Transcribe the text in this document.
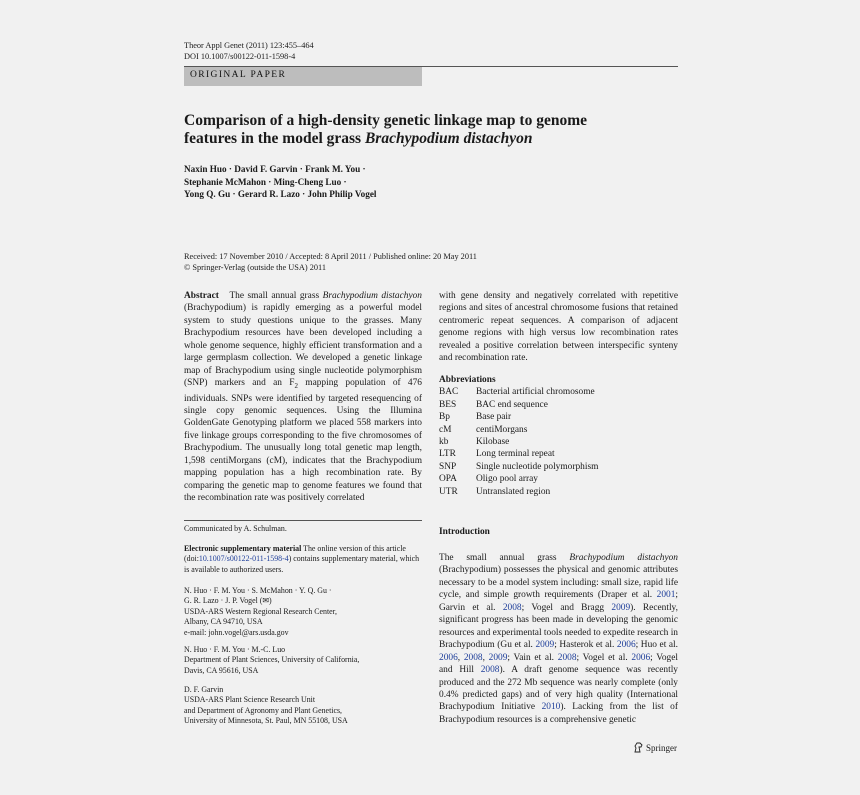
Theor Appl Genet (2011) 123:455–464
DOI 10.1007/s00122-011-1598-4
ORIGINAL PAPER
Comparison of a high-density genetic linkage map to genome
features in the model grass Brachypodium distachyon
Naxin Huo · David F. Garvin · Frank M. You ·
Stephanie McMahon · Ming-Cheng Luo ·
Yong Q. Gu · Gerard R. Lazo · John Philip Vogel
Received: 17 November 2010 / Accepted: 8 April 2011 / Published online: 20 May 2011
© Springer-Verlag (outside the USA) 2011
Abstract The small annual grass Brachypodium distachyon (Brachypodium) is rapidly emerging as a powerful model system to study questions unique to the grasses. Many Brachypodium resources have been developed including a whole genome sequence, highly efficient transformation and a large germplasm collection. We developed a genetic linkage map of Brachypodium using single nucleotide polymorphism (SNP) markers and an $F_2$ mapping population of 476 individuals. SNPs were identified by targeted resequencing of single copy genomic sequences. Using the Illumina GoldenGate Genotyping platform we placed 558 markers into five linkage groups corresponding to the five chromosomes of Brachypodium. The unusually long total genetic map length, 1,598 centiMorgans (cM), indicates that the Brachypodium mapping population has a high recombination rate. By comparing the genetic map to genome features we found that the recombination rate was positively correlated
with gene density and negatively correlated with repetitive regions and sites of ancestral chromosome fusions that retained centromeric repeat sequences. A comparison of adjacent genome regions with high versus low recombination rates revealed a positive correlation between interspecific synteny and recombination rate.
Abbreviations
BAC	Bacterial artificial chromosome
BES	BAC end sequence
Bp	Base pair
cM	centiMorgans
kb	Kilobase
LTR	Long terminal repeat
SNP	Single nucleotide polymorphism
OPA	Oligo pool array
UTR	Untranslated region
Introduction
The small annual grass Brachypodium distachyon (Brachypodium) possesses the physical and genomic attributes necessary to be a model system including: small size, rapid life cycle, and simple growth requirements (Draper et al. 2001; Garvin et al. 2008; Vogel and Bragg 2009). Recently, significant progress has been made in developing the genomic resources and experimental tools needed to expedite research in Brachypodium (Gu et al. 2009; Hasterok et al. 2006; Huo et al. 2006, 2008, 2009; Vain et al. 2008; Vogel et al. 2006; Vogel and Hill 2008). A draft genome sequence was recently produced and the 272 Mb sequence was nearly complete (only 0.4% predicted gaps) and of very high quality (International Brachypodium Initiative 2010). Lacking from the list of Brachypodium resources is a comprehensive genetic
Communicated by A. Schulman.
Electronic supplementary material The online version of this article (doi:10.1007/s00122-011-1598-4) contains supplementary material, which is available to authorized users.
N. Huo · F. M. You · S. McMahon · Y. Q. Gu ·
G. R. Lazo · J. P. Vogel (✉)
USDA-ARS Western Regional Research Center,
Albany, CA 94710, USA
e-mail: john.vogel@ars.usda.gov
N. Huo · F. M. You · M.-C. Luo
Department of Plant Sciences, University of California,
Davis, CA 95616, USA
D. F. Garvin
USDA-ARS Plant Science Research Unit
and Department of Agronomy and Plant Genetics,
University of Minnesota, St. Paul, MN 55108, USA
Springer
